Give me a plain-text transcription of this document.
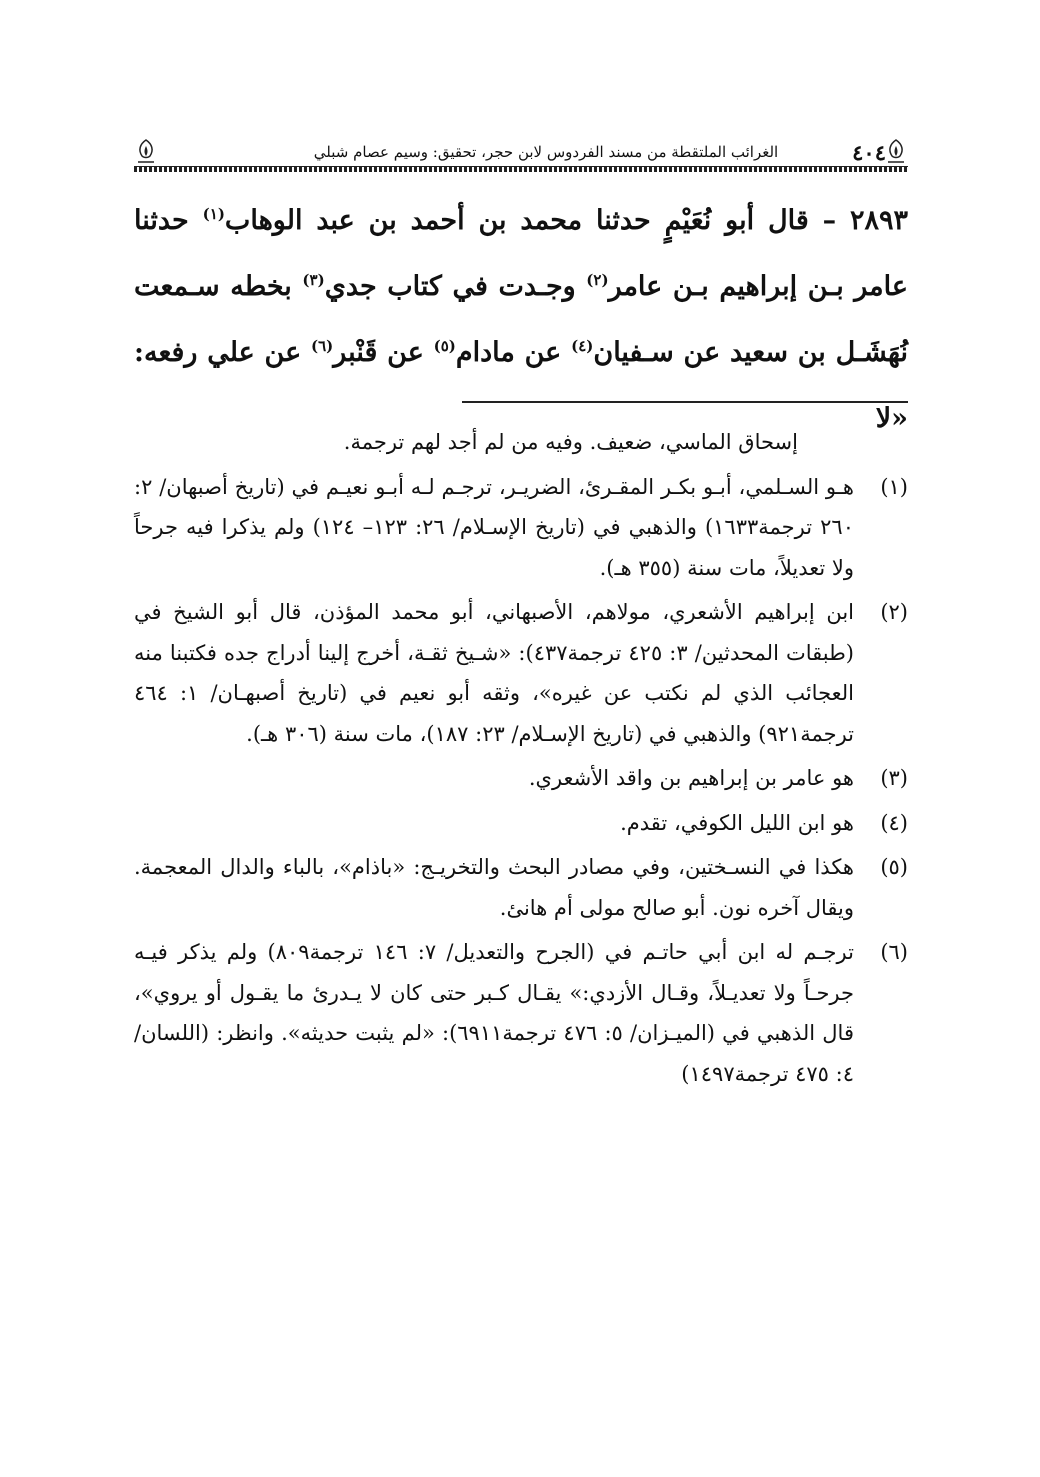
٤٠٤
الغرائب الملتقطة من مسند الفردوس لابن حجر، تحقيق: وسيم عصام شبلي

٢٨٩٣ – قال أبو نُعَيْمٍ حدثنا محمد بن أحمد بن عبد الوهاب$^{(١)}$ حدثنا عامر بـن إبراهيم بـن عامر$^{(٢)}$ وجـدت في كتاب جدي$^{(٣)}$ بخطه سـمعت نُهَشَـل بن سعيد عن سـفيان$^{(٤)}$ عن مادام$^{(٥)}$ عن قَنْبر$^{(٦)}$ عن علي رفعه: «لا

إسحاق الماسي، ضعيف. وفيه من لم أجد لهم ترجمة.

(١)
هـو السـلمي، أبـو بكـر المقـرئ، الضريـر، ترجـم لـه أبـو نعيـم في (تاريخ أصبهان/ ٢: ٢٦٠ ترجمة١٦٣٣) والذهبي في (تاريخ الإسـلام/ ٢٦: ١٢٣– ١٢٤) ولم يذكرا فيه جرحاً ولا تعديلاً، مات سنة (٣٥٥ هـ).
(٢)
ابن إبراهيم الأشعري، مولاهم، الأصبهاني، أبو محمد المؤذن، قال أبو الشيخ في (طبقات المحدثين/ ٣: ٤٢٥ ترجمة٤٣٧): «شـيخ ثقـة، أخرج إلينا أدراج جده فكتبنا منه العجائب الذي لم نكتب عن غيره»، وثقه أبو نعيم في (تاريخ أصبهـان/ ١: ٤٦٤ ترجمة٩٢١) والذهبي في (تاريخ الإسـلام/ ٢٣: ١٨٧)، مات سنة (٣٠٦ هـ).
(٣)
هو عامر بن إبراهيم بن واقد الأشعري.
(٤)
هو ابن الليل الكوفي، تقدم.
(٥)
هكذا في النسـختين، وفي مصادر البحث والتخريـج: «باذام»، بالباء والدال المعجمة. ويقال آخره نون. أبو صالح مولى أم هانئ.
(٦)
ترجـم له ابن أبي حاتـم في (الجرح والتعديل/ ٧: ١٤٦ ترجمة٨٠٩) ولم يذكر فيـه جرحـاً ولا تعديـلاً، وقـال الأزدي:» يقـال كـبر حتى كان لا يـدرئ ما يقـول أو يروي»، قال الذهبي في (الميـزان/ ٥: ٤٧٦ ترجمة٦٩١١): «لم يثبت حديثه». وانظر: (اللسان/ ٤: ٤٧٥ ترجمة١٤٩٧)
